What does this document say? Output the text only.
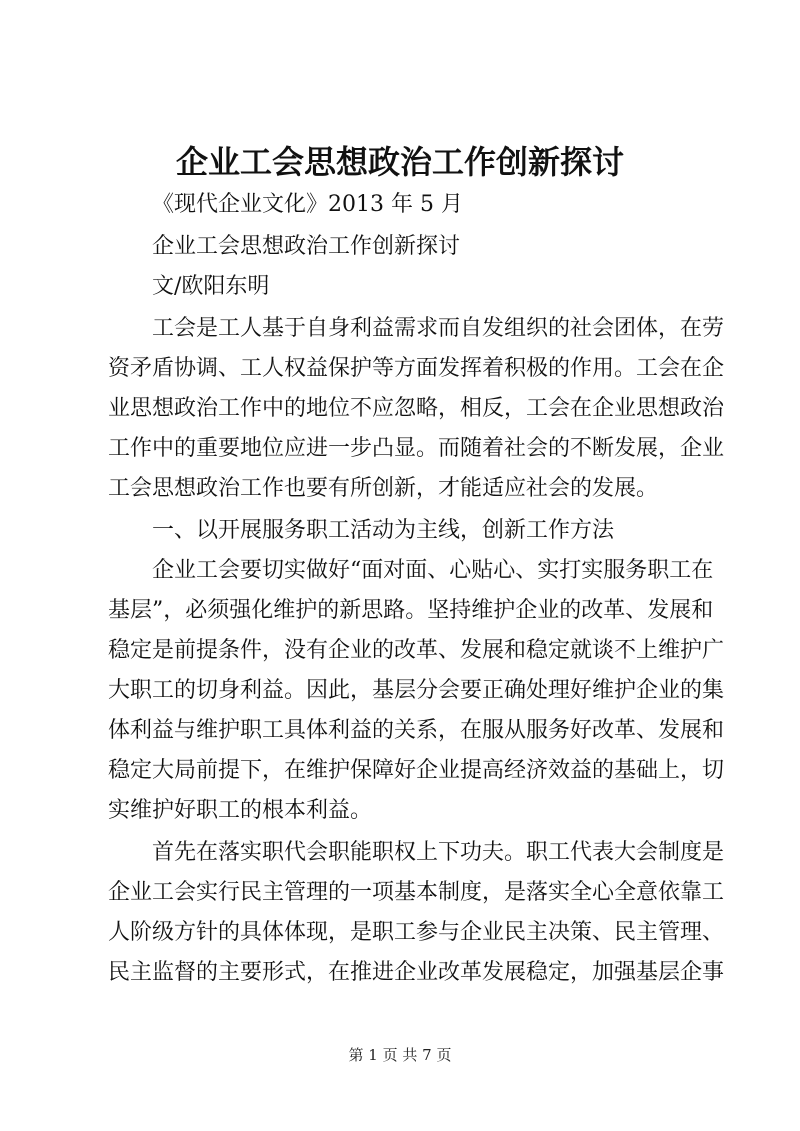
企业工会思想政治工作创新探讨

《现代企业文化》2013 年 5 月

企业工会思想政治工作创新探讨

文/欧阳东明

工会是工人基于自身利益需求而自发组织的社会团体，在劳

资矛盾协调、工人权益保护等方面发挥着积极的作用。工会在企

业思想政治工作中的地位不应忽略，相反，工会在企业思想政治

工作中的重要地位应进一步凸显。而随着社会的不断发展，企业

工会思想政治工作也要有所创新，才能适应社会的发展。

一、以开展服务职工活动为主线，创新工作方法

企业工会要切实做好“面对面、心贴心、实打实服务职工在

基层”，必须强化维护的新思路。坚持维护企业的改革、发展和

稳定是前提条件，没有企业的改革、发展和稳定就谈不上维护广

大职工的切身利益。因此，基层分会要正确处理好维护企业的集

体利益与维护职工具体利益的关系，在服从服务好改革、发展和

稳定大局前提下，在维护保障好企业提高经济效益的基础上，切

实维护好职工的根本利益。

首先在落实职代会职能职权上下功夫。职工代表大会制度是

企业工会实行民主管理的一项基本制度，是落实全心全意依靠工

人阶级方针的具体体现，是职工参与企业民主决策、民主管理、

民主监督的主要形式，在推进企业改革发展稳定，加强基层企事

第 1 页 共 7 页
